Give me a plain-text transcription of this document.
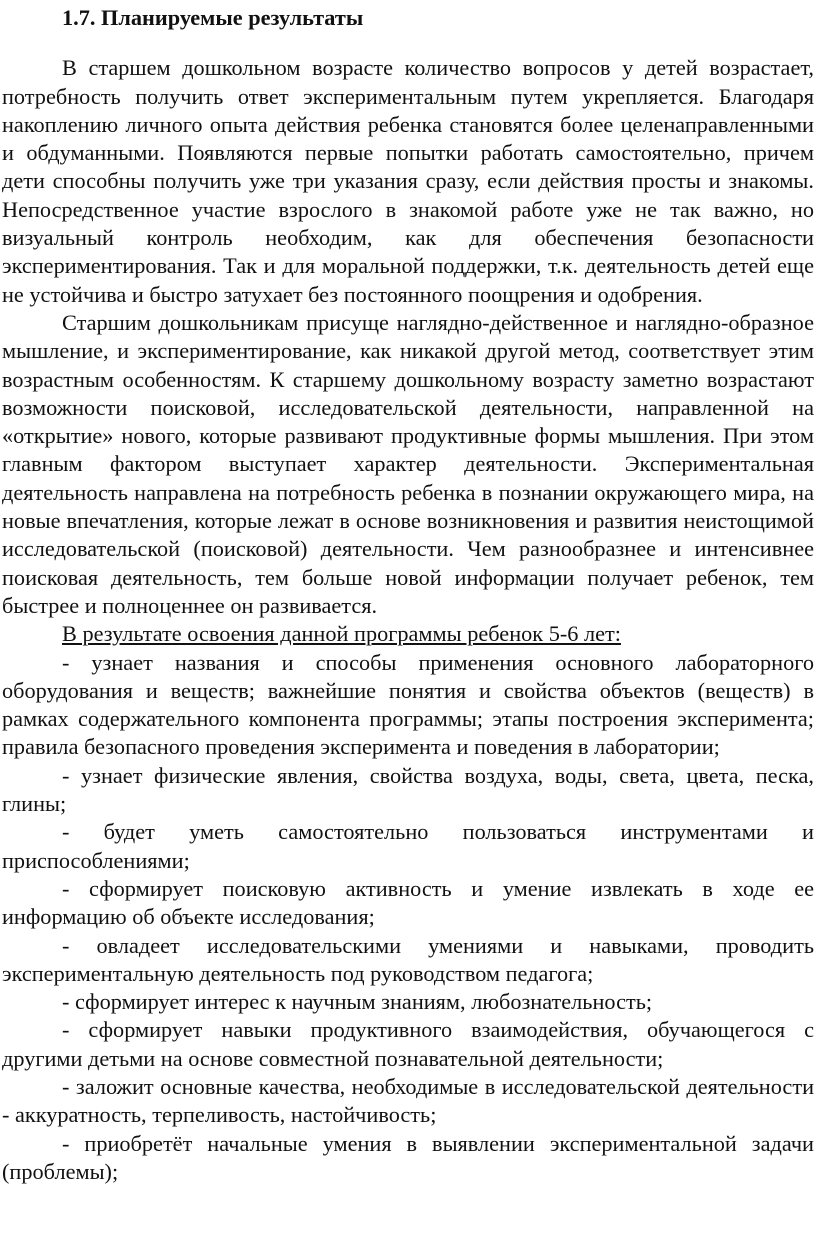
1.7. Планируемые результаты

В старшем дошкольном возрасте количество вопросов у детей возрастает, потребность получить ответ экспериментальным путем укрепляется. Благодаря накоплению личного опыта действия ребенка становятся более целенаправленными и обдуманными. Появляются первые попытки работать самостоятельно, причем дети способны получить уже три указания сразу, если действия просты и знакомы. Непосредственное участие взрослого в знакомой работе уже не так важно, но визуальный контроль необходим, как для обеспечения безопасности экспериментирования. Так и для моральной поддержки, т.к. деятельность детей еще не устойчива и быстро затухает без постоянного поощрения и одобрения.

Старшим дошкольникам присуще наглядно-действенное и наглядно-образное мышление, и экспериментирование, как никакой другой метод, соответствует этим возрастным особенностям. К старшему дошкольному возрасту заметно возрастают возможности поисковой, исследовательской деятельности, направленной на «открытие» нового, которые развивают продуктивные формы мышления. При этом главным фактором выступает характер деятельности. Экспериментальная деятельность направлена на потребность ребенка в познании окружающего мира, на новые впечатления, которые лежат в основе возникновения и развития неистощимой исследовательской (поисковой) деятельности. Чем разнообразнее и интенсивнее поисковая деятельность, тем больше новой информации получает ребенок, тем быстрее и полноценнее он развивается.

В результате освоения данной программы ребенок 5-6 лет:

- узнает названия и способы применения основного лабораторного оборудования и веществ; важнейшие понятия и свойства объектов (веществ) в рамках содержательного компонента программы; этапы построения эксперимента; правила безопасного проведения эксперимента и поведения в лаборатории;

- узнает физические явления, свойства воздуха, воды, света, цвета, песка, глины;

- будет уметь самостоятельно пользоваться инструментами и приспособлениями;

- сформирует поисковую активность и умение извлекать в ходе ее информацию об объекте исследования;

- овладеет исследовательскими умениями и навыками, проводить экспериментальную деятельность под руководством педагога;

- сформирует интерес к научным знаниям, любознательность;

- сформирует навыки продуктивного взаимодействия, обучающегося с другими детьми на основе совместной познавательной деятельности;

- заложит основные качества, необходимые в исследовательской деятельности - аккуратность, терпеливость, настойчивость;

- приобретёт начальные умения в выявлении экспериментальной задачи (проблемы);
